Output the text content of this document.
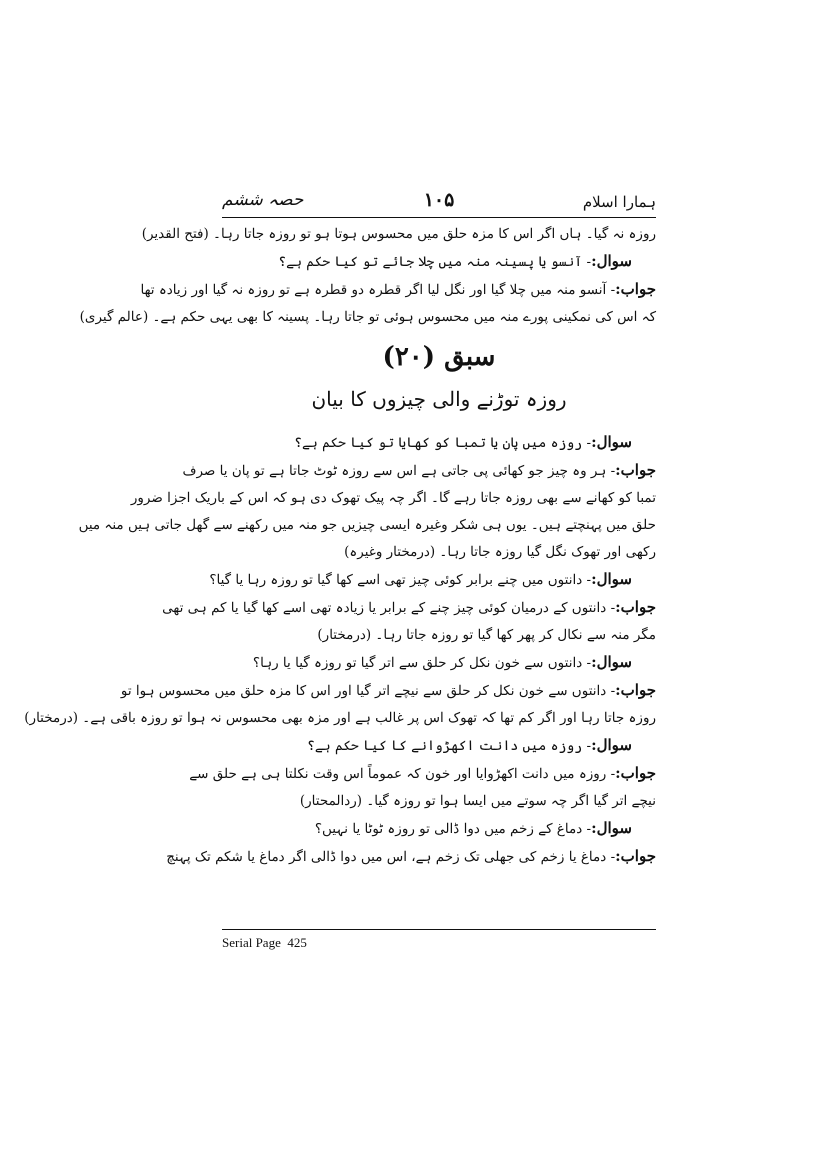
ہمارا اسلام
۱۰۵
حصہ ششم
روزہ نہ گیا۔ ہاں اگر اس کا مزہ حلق میں محسوس ہوتا ہو تو روزہ جاتا رہا۔ (فتح القدیر)
سوال:- آنسو یا پسینہ منہ میں چلا جائے تو کیا حکم ہے؟
جواب:- آنسو منہ میں چلا گیا اور نگل لیا اگر قطرہ دو قطرہ ہے تو روزہ نہ گیا اور زیادہ تھا
کہ اس کی نمکینی پورے منہ میں محسوس ہوئی تو جاتا رہا۔ پسینہ کا بھی یہی حکم ہے۔ (عالم گیری)
سبق (۲۰)
روزہ توڑنے والی چیزوں کا بیان
سوال:- روزہ میں پان یا تمبا کو کھایا تو کیا حکم ہے؟
جواب:- ہر وہ چیز جو کھائی پی جاتی ہے اس سے روزہ ٹوٹ جاتا ہے تو پان یا صرف
تمبا کو کھانے سے بھی روزہ جاتا رہے گا۔ اگر چہ پیک تھوک دی ہو کہ اس کے باریک اجزا ضرور
حلق میں پہنچتے ہیں۔ یوں ہی شکر وغیرہ ایسی چیزیں جو منہ میں رکھنے سے گھل جاتی ہیں منہ میں
رکھی اور تھوک نگل گیا روزہ جاتا رہا۔ (درمختار وغیرہ)
سوال:- دانتوں میں چنے برابر کوئی چیز تھی اسے کھا گیا تو روزہ رہا یا گیا؟
جواب:- دانتوں کے درمیان کوئی چیز چنے کے برابر یا زیادہ تھی اسے کھا گیا یا کم ہی تھی
مگر منہ سے نکال کر پھر کھا گیا تو روزہ جاتا رہا۔ (درمختار)
سوال:- دانتوں سے خون نکل کر حلق سے اتر گیا تو روزہ گیا یا رہا؟
جواب:- دانتوں سے خون نکل کر حلق سے نیچے اتر گیا اور اس کا مزہ حلق میں محسوس ہوا تو
روزہ جاتا رہا اور اگر کم تھا کہ تھوک اس پر غالب ہے اور مزہ بھی محسوس نہ ہوا تو روزہ باقی ہے۔ (درمختار)
سوال:- روزہ میں دانت اکھڑوانے کا کیا حکم ہے؟
جواب:- روزہ میں دانت اکھڑوایا اور خون کہ عموماً اس وقت نکلتا ہی ہے حلق سے
نیچے اتر گیا اگر چہ سوتے میں ایسا ہوا تو روزہ گیا۔ (ردالمحتار)
سوال:- دماغ کے زخم میں دوا ڈالی تو روزہ ٹوٹا یا نہیں؟
جواب:- دماغ یا زخم کی جھلی تک زخم ہے، اس میں دوا ڈالی اگر دماغ یا شکم تک پہنچ
Serial Page 425
